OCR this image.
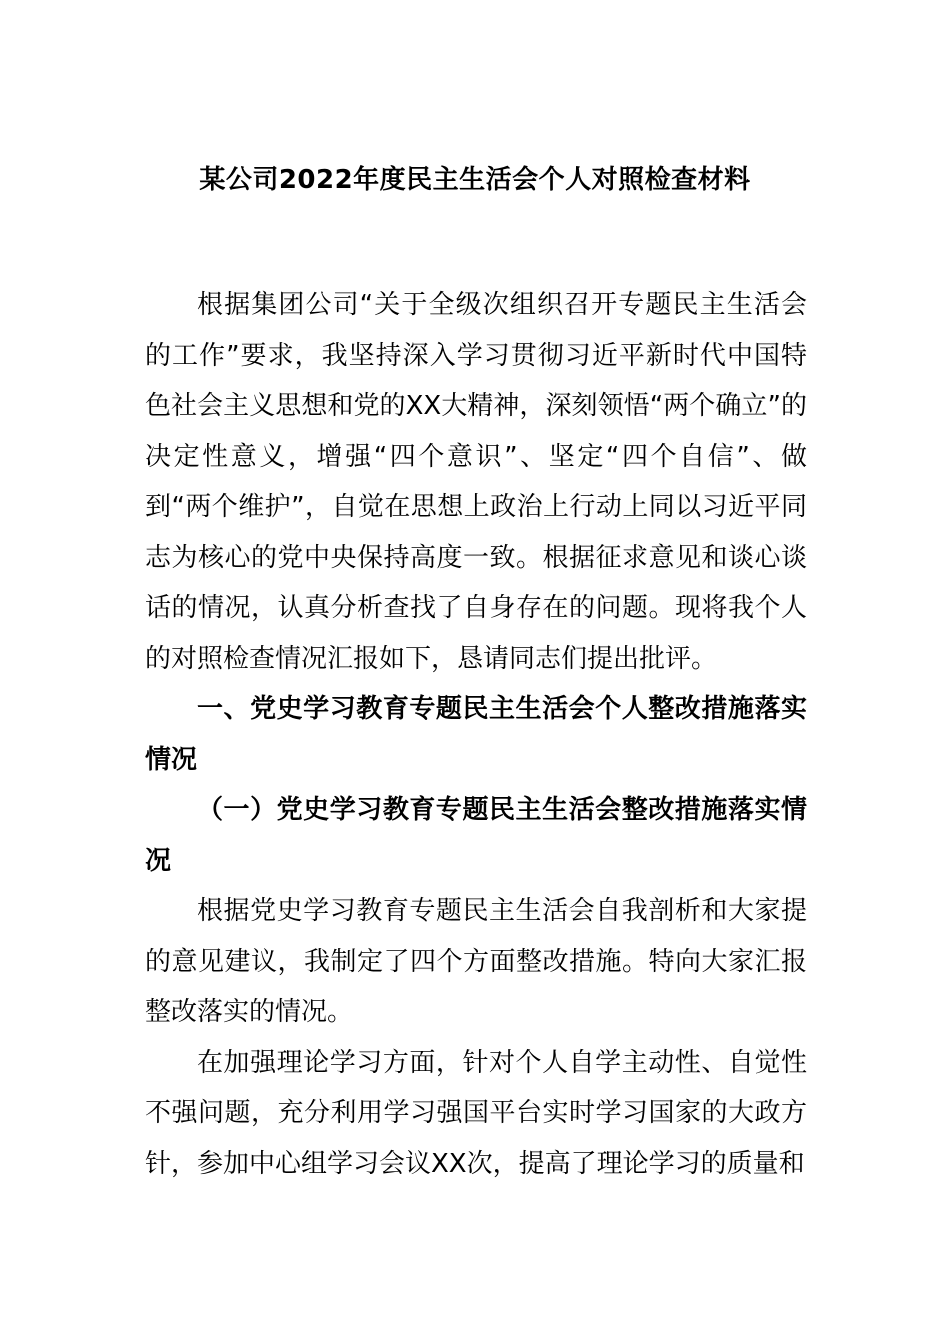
某公司2022年度民主生活会个人对照检查材料

根据集团公司“关于全级次组织召开专题民主生活会的工作”要求，我坚持深入学习贯彻习近平新时代中国特色社会主义思想和党的XX大精神，深刻领悟“两个确立”的决定性意义，增强“四个意识”、坚定“四个自信”、做到“两个维护”，自觉在思想上政治上行动上同以习近平同志为核心的党中央保持高度一致。根据征求意见和谈心谈话的情况，认真分析查找了自身存在的问题。现将我个人的对照检查情况汇报如下，恳请同志们提出批评。

一、党史学习教育专题民主生活会个人整改措施落实情况

（一）党史学习教育专题民主生活会整改措施落实情况

根据党史学习教育专题民主生活会自我剖析和大家提的意见建议，我制定了四个方面整改措施。特向大家汇报整改落实的情况。

在加强理论学习方面，针对个人自学主动性、自觉性不强问题，充分利用学习强国平台实时学习国家的大政方针，参加中心组学习会议XX次，提高了理论学习的质量和
